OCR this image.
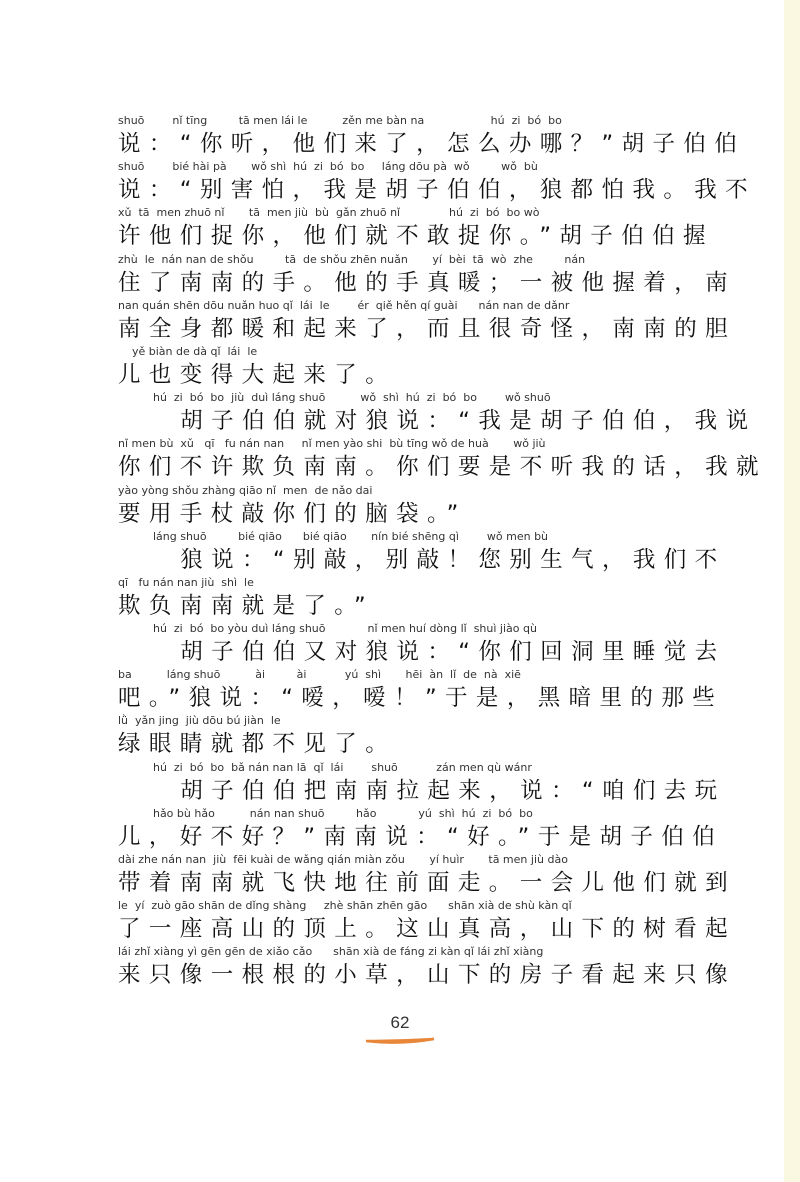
shuō        nǐ tīng         tā men lái le          zěn me bàn na                   hú  zi  bó  bo
说：“你听，他们来了，怎么办哪？”胡子伯伯
shuō        bié hài pà       wǒ shì  hú  zi  bó  bo     láng dōu pà  wǒ         wǒ  bù
说：“别害怕，我是胡子伯伯，狼都怕我。我不
xǔ  tā  men zhuō nǐ       tā  men jiù  bù  gǎn zhuō nǐ              hú  zi  bó  bo wò
许他们捉你，他们就不敢捉你。”胡子伯伯握
zhù  le  nán nan de shǒu         tā  de shǒu zhēn nuǎn       yí  bèi  tā  wò  zhe         nán
住了南南的手。他的手真暖；一被他握着，南
nan quán shēn dōu nuǎn huo qǐ  lái  le        ér  qiě hěn qí guài      nán nan de dǎnr
南全身都暖和起来了，而且很奇怪，南南的胆
yě biàn de dà qǐ  lái  le
儿也变得大起来了。
hú  zi  bó  bo  jiù  duì láng shuō          wǒ  shì  hú  zi  bó  bo        wǒ shuō
胡子伯伯就对狼说：“我是胡子伯伯，我说
nǐ men bù  xǔ   qī   fu nán nan     nǐ men yào shi  bù tīng wǒ de huà       wǒ jiù
你们不许欺负南南。你们要是不听我的话，我就
yào yòng shǒu zhàng qiāo nǐ  men  de nǎo dai
要用手杖敲你们的脑袋。”
láng shuō         bié qiāo      bié qiāo       nín bié shēng qì        wǒ men bù
狼说：“别敲，别敲！您别生气，我们不
qī   fu nán nan jiù  shì  le
欺负南南就是了。”
hú  zi  bó  bo yòu duì láng shuō            nǐ men huí dòng lǐ  shuì jiào qù
胡子伯伯又对狼说：“你们回洞里睡觉去
ba          láng shuō          ài         ài           yú  shì       hēi  àn  lǐ  de  nà  xiē
吧。”狼说：“嗳，嗳！”于是，黑暗里的那些
lǜ  yǎn jing  jiù dōu bú jiàn  le
绿眼睛就都不见了。
hú  zi  bó  bo  bǎ nán nan lā  qǐ  lái        shuō           zán men qù wánr
胡子伯伯把南南拉起来，说：“咱们去玩
hǎo bù hǎo          nán nan shuō         hǎo            yú  shì  hú  zi  bó  bo
儿，好不好？”南南说：“好。”于是胡子伯伯
dài zhe nán nan  jiù  fēi kuài de wǎng qián miàn zǒu       yí huìr       tā men jiù dào
带着南南就飞快地往前面走。一会儿他们就到
le  yí  zuò gāo shān de dǐng shàng     zhè shān zhēn gāo      shān xià de shù kàn qǐ
了一座高山的顶上。这山真高，山下的树看起
lái zhǐ xiàng yì gēn gēn de xiǎo cǎo      shān xià de fáng zi kàn qǐ lái zhǐ xiàng
来只像一根根的小草，山下的房子看起来只像
62
